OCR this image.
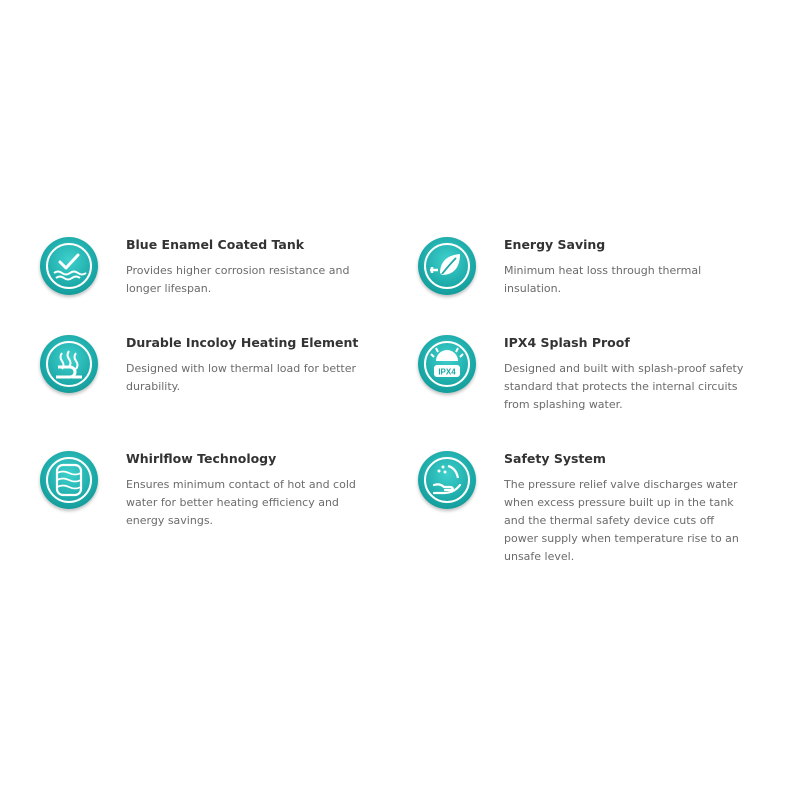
Blue Enamel Coated Tank
Provides higher corrosion resistance and longer lifespan.
Energy Saving
Minimum heat loss through thermal insulation.
Durable Incoloy Heating Element
Designed with low thermal load for better durability.
IPX4
IPX4 Splash Proof
Designed and built with splash-proof safety standard that protects the internal circuits from splashing water.
Whirlflow Technology
Ensures minimum contact of hot and cold water for better heating efficiency and energy savings.
Safety System
The pressure relief valve discharges water when excess pressure built up in the tank and the thermal safety device cuts off power supply when temperature rise to an unsafe level.
